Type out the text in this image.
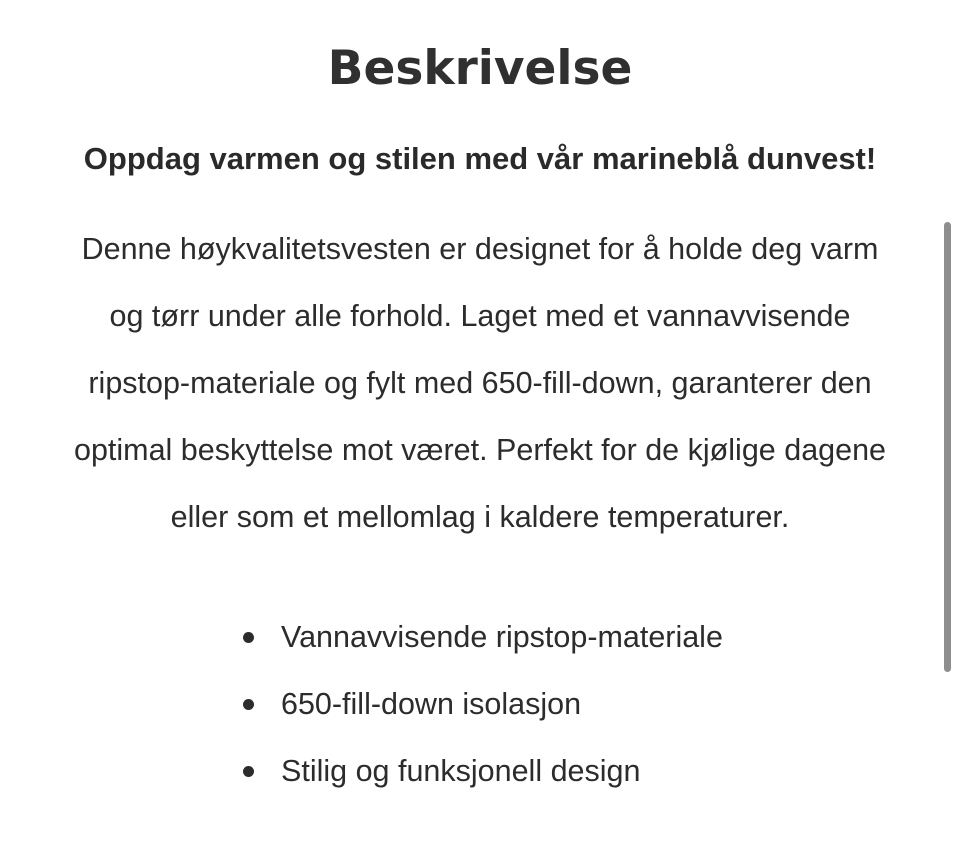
Beskrivelse

Oppdag varmen og stilen med vår marineblå dunvest!

Denne høykvalitetsvesten er designet for å holde deg varm
og tørr under alle forhold. Laget med et vannavvisende
ripstop-materiale og fylt med 650-fill-down, garanterer den
optimal beskyttelse mot været. Perfekt for de kjølige dagene
eller som et mellomlag i kaldere temperaturer.

Vannavvisende ripstop-materiale
650-fill-down isolasjon
Stilig og funksjonell design
